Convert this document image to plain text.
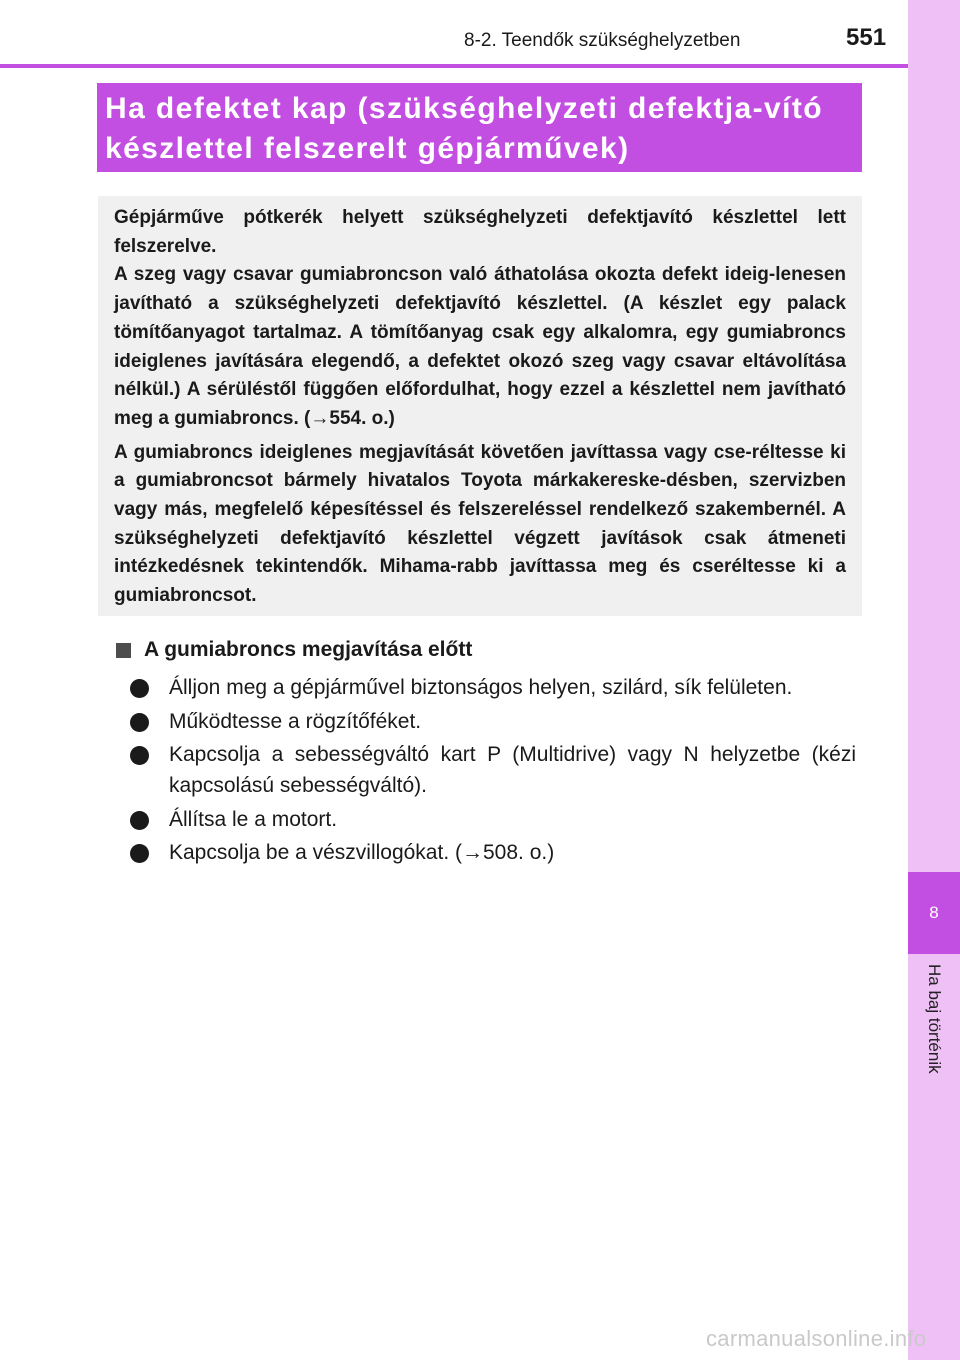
8
Ha baj történik
8-2. Teendők szükséghelyzetben	551
Ha defektet kap (szükséghelyzeti defektja-vító készlettel felszerelt gépjárművek)

Gépjárműve pótkerék helyett szükséghelyzeti defektjavító készlettel lett felszerelve.
A szeg vagy csavar gumiabroncson való áthatolása okozta defekt ideig-lenesen javítható a szükséghelyzeti defektjavító készlettel. (A készlet egy palack tömítőanyagot tartalmaz. A tömítőanyag csak egy alkalomra, egy gumiabroncs ideiglenes javítására elegendő, a defektet okozó szeg vagy csavar eltávolítása nélkül.) A sérüléstől függően előfordulhat, hogy ezzel a készlettel nem javítható meg a gumiabroncs. (→554. o.)

A gumiabroncs ideiglenes megjavítását követően javíttassa vagy cse-réltesse ki a gumiabroncsot bármely hivatalos Toyota márkakereske-désben, szervizben vagy más, megfelelő képesítéssel és felszereléssel rendelkező szakembernél. A szükséghelyzeti defektjavító készlettel végzett javítások csak átmeneti intézkedésnek tekintendők. Mihama-rabb javíttassa meg és cseréltesse ki a gumiabroncsot.

A gumiabroncs megjavítása előtt
Álljon meg a gépjárművel biztonságos helyen, szilárd, sík felületen.
Működtesse a rögzítőféket.
Kapcsolja a sebességváltó kart P (Multidrive) vagy N helyzetbe (kézi kapcsolású sebességváltó).
Állítsa le a motort.
Kapcsolja be a vészvillogókat. (→508. o.)
carmanualsonline.info
